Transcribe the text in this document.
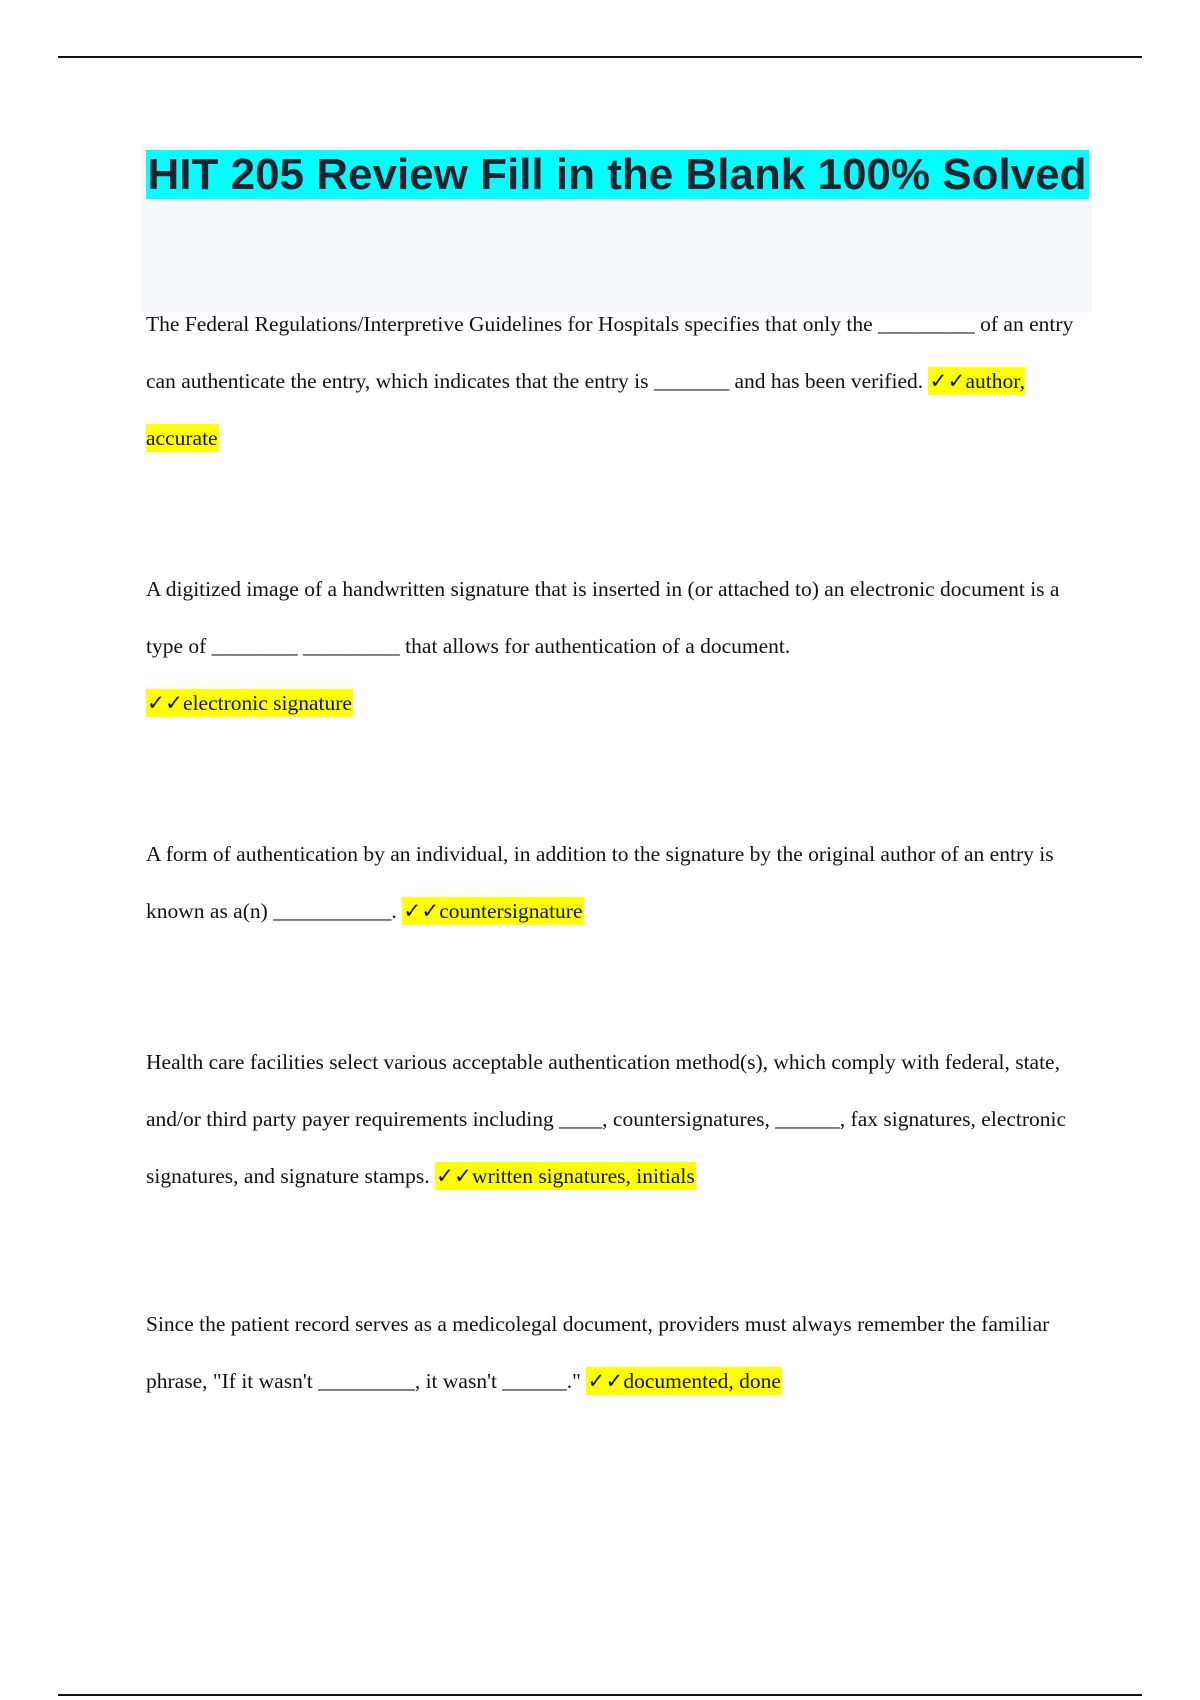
HIT 205 Review Fill in the Blank 100% Solved

The Federal Regulations/Interpretive Guidelines for Hospitals specifies that only the _________ of an entry can authenticate the entry, which indicates that the entry is _______ and has been verified. ✓✓author, accurate

A digitized image of a handwritten signature that is inserted in (or attached to) an electronic document is a type of ________ _________ that allows for authentication of a document.
✓✓electronic signature

A form of authentication by an individual, in addition to the signature by the original author of an entry is known as a(n) ___________. ✓✓countersignature

Health care facilities select various acceptable authentication method(s), which comply with federal, state, and/or third party payer requirements including ____, countersignatures, ______, fax signatures, electronic signatures, and signature stamps. ✓✓written signatures, initials

Since the patient record serves as a medicolegal document, providers must always remember the familiar phrase, "If it wasn't _________, it wasn't ______." ✓✓documented, done
